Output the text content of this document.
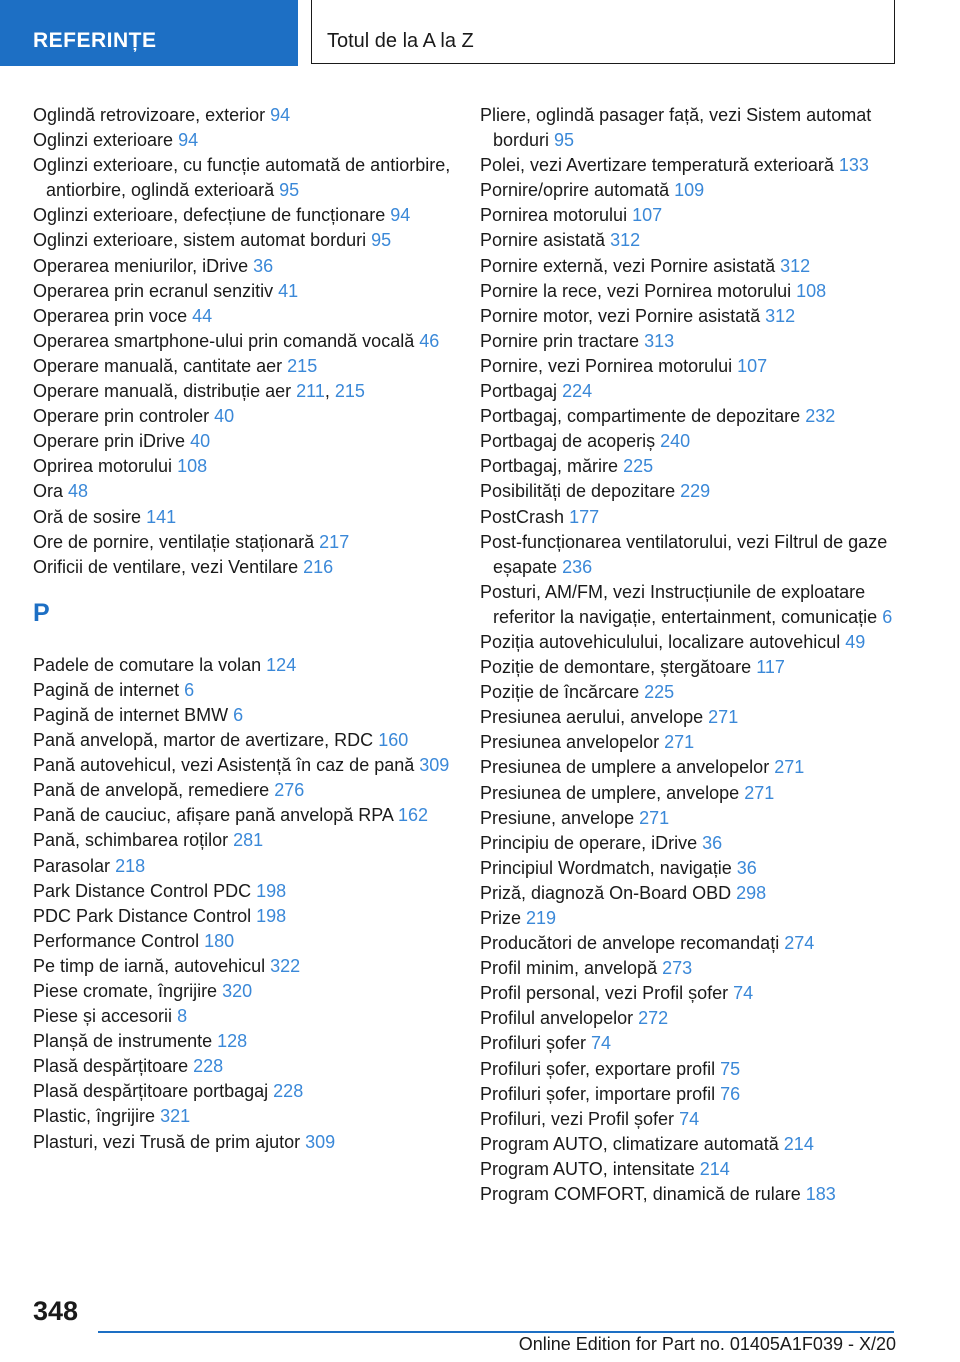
REFERINȚE	Totul de la A la Z
Oglindă retrovizoare, exterior 94
Oglinzi exterioare 94
Oglinzi exterioare, cu funcție automată de antiorbire, antiorbire, oglindă exterioară 95
Oglinzi exterioare, defecțiune de funcționare 94
Oglinzi exterioare, sistem automat borduri 95
Operarea meniurilor, iDrive 36
Operarea prin ecranul senzitiv 41
Operarea prin voce 44
Operarea smartphone-ului prin comandă vocală 46
Operare manuală, cantitate aer 215
Operare manuală, distribuție aer 211, 215
Operare prin controler 40
Operare prin iDrive 40
Oprirea motorului 108
Ora 48
Oră de sosire 141
Ore de pornire, ventilație staționară 217
Orificii de ventilare, vezi Ventilare 216
P
Padele de comutare la volan 124
Pagină de internet 6
Pagină de internet BMW 6
Pană anvelopă, martor de avertizare, RDC 160
Pană autovehicul, vezi Asistență în caz de pană 309
Pană de anvelopă, remediere 276
Pană de cauciuc, afișare pană anvelopă RPA 162
Pană, schimbarea roților 281
Parasolar 218
Park Distance Control PDC 198
PDC Park Distance Control 198
Performance Control 180
Pe timp de iarnă, autovehicul 322
Piese cromate, îngrijire 320
Piese și accesorii 8
Planșă de instrumente 128
Plasă despărțitoare 228
Plasă despărțitoare portbagaj 228
Plastic, îngrijire 321
Plasturi, vezi Trusă de prim ajutor 309
Pliere, oglindă pasager față, vezi Sistem automat borduri 95
Polei, vezi Avertizare temperatură exterioară 133
Pornire/oprire automată 109
Pornirea motorului 107
Pornire asistată 312
Pornire externă, vezi Pornire asistată 312
Pornire la rece, vezi Pornirea motorului 108
Pornire motor, vezi Pornire asistată 312
Pornire prin tractare 313
Pornire, vezi Pornirea motorului 107
Portbagaj 224
Portbagaj, compartimente de depozitare 232
Portbagaj de acoperiș 240
Portbagaj, mărire 225
Posibilități de depozitare 229
PostCrash 177
Post-funcționarea ventilatorului, vezi Filtrul de gaze eșapate 236
Posturi, AM/FM, vezi Instrucțiunile de exploatare referitor la navigație, entertainment, comunicație 6
Poziția autovehiculului, localizare autovehicul 49
Poziție de demontare, ștergătoare 117
Poziție de încărcare 225
Presiunea aerului, anvelope 271
Presiunea anvelopelor 271
Presiunea de umplere a anvelopelor 271
Presiunea de umplere, anvelope 271
Presiune, anvelope 271
Principiu de operare, iDrive 36
Principiul Wordmatch, navigație 36
Priză, diagnoză On-Board OBD 298
Prize 219
Producători de anvelope recomandați 274
Profil minim, anvelopă 273
Profil personal, vezi Profil șofer 74
Profilul anvelopelor 272
Profiluri șofer 74
Profiluri șofer, exportare profil 75
Profiluri șofer, importare profil 76
Profiluri, vezi Profil șofer 74
Program AUTO, climatizare automată 214
Program AUTO, intensitate 214
Program COMFORT, dinamică de rulare 183
348
Online Edition for Part no. 01405A1F039 - X/20
